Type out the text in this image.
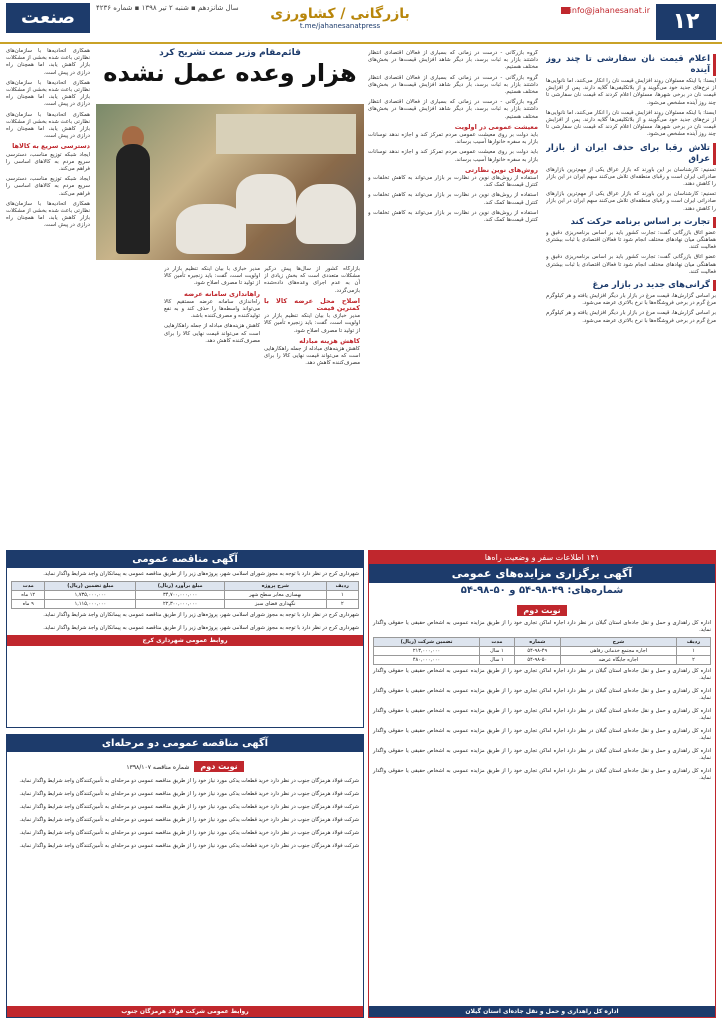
۱۲
info@jahanesanat.ir
بازرگانی / کشاورزی
t.me/jahanesanatpress
سال شانزدهم ▪ شنبه ۲ تیر ۱۳۹۸ ▪ شماره ۴۲۳۶
صنعت
اعلام قیمت نان سفارشی تا چند روز آینده

ایسنا: با اینکه مسئولان روند افزایش قیمت نان را انکار می‌کنند، اما نانوایی‌ها از نرخ‌های جدید خود می‌گویند و از بلاتکلیفی‌ها گلایه دارند. پس از افزایش قیمت نان در برخی شهرها، مسئولان اعلام کردند که قیمت نان سفارشی تا چند روز آینده مشخص می‌شود.

ایسنا: با اینکه مسئولان روند افزایش قیمت نان را انکار می‌کنند، اما نانوایی‌ها از نرخ‌های جدید خود می‌گویند و از بلاتکلیفی‌ها گلایه دارند. پس از افزایش قیمت نان در برخی شهرها، مسئولان اعلام کردند که قیمت نان سفارشی تا چند روز آینده مشخص می‌شود.

تلاش رقبا برای حذف ایران از بازار عراق

تسنیم: کارشناسان بر این باورند که بازار عراق یکی از مهم‌ترین بازارهای صادراتی ایران است و رقبای منطقه‌ای تلاش می‌کنند سهم ایران در این بازار را کاهش دهند.

تسنیم: کارشناسان بر این باورند که بازار عراق یکی از مهم‌ترین بازارهای صادراتی ایران است و رقبای منطقه‌ای تلاش می‌کنند سهم ایران در این بازار را کاهش دهند.

تجارت بر اساس برنامه حرکت کند

عضو اتاق بازرگانی گفت: تجارت کشور باید بر اساس برنامه‌ریزی دقیق و هماهنگی میان نهادهای مختلف انجام شود تا فعالان اقتصادی با ثبات بیشتری فعالیت کنند.

عضو اتاق بازرگانی گفت: تجارت کشور باید بر اساس برنامه‌ریزی دقیق و هماهنگی میان نهادهای مختلف انجام شود تا فعالان اقتصادی با ثبات بیشتری فعالیت کنند.

گرانی‌های جدید در بازار مرغ

بر اساس گزارش‌ها، قیمت مرغ در بازار بار دیگر افزایش یافته و هر کیلوگرم مرغ گرم در برخی فروشگاه‌ها با نرخ بالاتری عرضه می‌شود.

بر اساس گزارش‌ها، قیمت مرغ در بازار بار دیگر افزایش یافته و هر کیلوگرم مرغ گرم در برخی فروشگاه‌ها با نرخ بالاتری عرضه می‌شود.

گروه بازرگانی - درست در زمانی که بسیاری از فعالان اقتصادی انتظار داشتند بازار به ثبات برسد، بار دیگر شاهد افزایش قیمت‌ها در بخش‌های مختلف هستیم.

گروه بازرگانی - درست در زمانی که بسیاری از فعالان اقتصادی انتظار داشتند بازار به ثبات برسد، بار دیگر شاهد افزایش قیمت‌ها در بخش‌های مختلف هستیم.

گروه بازرگانی - درست در زمانی که بسیاری از فعالان اقتصادی انتظار داشتند بازار به ثبات برسد، بار دیگر شاهد افزایش قیمت‌ها در بخش‌های مختلف هستیم.

معیشت عمومی در اولویت

باید دولت بر روی معیشت عمومی مردم تمرکز کند و اجازه ندهد نوسانات بازار به سفره خانوارها آسیب برساند.

باید دولت بر روی معیشت عمومی مردم تمرکز کند و اجازه ندهد نوسانات بازار به سفره خانوارها آسیب برساند.

روش‌های نوین نظارتی

استفاده از روش‌های نوین در نظارت بر بازار می‌تواند به کاهش تخلفات و کنترل قیمت‌ها کمک کند.

استفاده از روش‌های نوین در نظارت بر بازار می‌تواند به کاهش تخلفات و کنترل قیمت‌ها کمک کند.

استفاده از روش‌های نوین در نظارت بر بازار می‌تواند به کاهش تخلفات و کنترل قیمت‌ها کمک کند.

قائم‌مقام وزیر صمت تشریح کرد
هزار وعده عمل نشده

بازارگاه کشور از سال‌ها پیش درگیر مشکلات متعددی است که بخش زیادی از آن به عدم اجرای وعده‌های داده‌شده بازمی‌گردد.

اصلاح محل عرضه کالا با کمترین قیمت

مدیر خبازی با بیان اینکه تنظیم بازار در اولویت است، گفت: باید زنجیره تأمین کالا از تولید تا مصرف اصلاح شود.

کاهش هزینه مبادله

کاهش هزینه‌های مبادله از جمله راهکارهایی است که می‌تواند قیمت نهایی کالا را برای مصرف‌کننده کاهش دهد.

مدیر خبازی با بیان اینکه تنظیم بازار در اولویت است، گفت: باید زنجیره تأمین کالا از تولید تا مصرف اصلاح شود.

راهاندازی سامانه عرضه

راه‌اندازی سامانه عرضه مستقیم کالا می‌تواند واسطه‌ها را حذف کند و به نفع تولیدکننده و مصرف‌کننده باشد.

کاهش هزینه‌های مبادله از جمله راهکارهایی است که می‌تواند قیمت نهایی کالا را برای مصرف‌کننده کاهش دهد.

همکاری اتحادیه‌ها با سازمان‌های نظارتی باعث شده بخشی از مشکلات بازار کاهش یابد، اما همچنان راه درازی در پیش است.

همکاری اتحادیه‌ها با سازمان‌های نظارتی باعث شده بخشی از مشکلات بازار کاهش یابد، اما همچنان راه درازی در پیش است.

همکاری اتحادیه‌ها با سازمان‌های نظارتی باعث شده بخشی از مشکلات بازار کاهش یابد، اما همچنان راه درازی در پیش است.

دسترسی سریع به کالاها

ایجاد شبکه توزیع مناسب، دسترسی سریع مردم به کالاهای اساسی را فراهم می‌کند.

ایجاد شبکه توزیع مناسب، دسترسی سریع مردم به کالاهای اساسی را فراهم می‌کند.

همکاری اتحادیه‌ها با سازمان‌های نظارتی باعث شده بخشی از مشکلات بازار کاهش یابد، اما همچنان راه درازی در پیش است.

آگهی مناقصه عمومی
شهرداری کرج در نظر دارد با توجه به مجوز شورای اسلامی شهر، پروژه‌های زیر را از طریق مناقصه عمومی به پیمانکاران واجد شرایط واگذار نماید.
ردیف	شرح پروژه	مبلغ برآورد (ریال)	مبلغ تضمین (ریال)	مدت
۱	بهسازی معابر سطح شهر	۳۴,۷۰۰,۰۰۰,۰۰۰	۱,۷۳۵,۰۰۰,۰۰۰	۱۲ ماه
۲	نگهداری فضای سبز	۲۲,۳۰۰,۰۰۰,۰۰۰	۱,۱۱۵,۰۰۰,۰۰۰	۹ ماه
شهرداری کرج در نظر دارد با توجه به مجوز شورای اسلامی شهر، پروژه‌های زیر را از طریق مناقصه عمومی به پیمانکاران واجد شرایط واگذار نماید.
شهرداری کرج در نظر دارد با توجه به مجوز شورای اسلامی شهر، پروژه‌های زیر را از طریق مناقصه عمومی به پیمانکاران واجد شرایط واگذار نماید.
روابط عمومی شهرداری کرج
آگهی مناقصه عمومی دو مرحله‌ای
نوبت دوم شماره مناقصه ۱۳۹۸/۱۰۷
شرکت فولاد هرمزگان جنوب در نظر دارد خرید قطعات یدکی مورد نیاز خود را از طریق مناقصه عمومی دو مرحله‌ای به تأمین‌کنندگان واجد شرایط واگذار نماید.
شرکت فولاد هرمزگان جنوب در نظر دارد خرید قطعات یدکی مورد نیاز خود را از طریق مناقصه عمومی دو مرحله‌ای به تأمین‌کنندگان واجد شرایط واگذار نماید.
شرکت فولاد هرمزگان جنوب در نظر دارد خرید قطعات یدکی مورد نیاز خود را از طریق مناقصه عمومی دو مرحله‌ای به تأمین‌کنندگان واجد شرایط واگذار نماید.
شرکت فولاد هرمزگان جنوب در نظر دارد خرید قطعات یدکی مورد نیاز خود را از طریق مناقصه عمومی دو مرحله‌ای به تأمین‌کنندگان واجد شرایط واگذار نماید.
شرکت فولاد هرمزگان جنوب در نظر دارد خرید قطعات یدکی مورد نیاز خود را از طریق مناقصه عمومی دو مرحله‌ای به تأمین‌کنندگان واجد شرایط واگذار نماید.
شرکت فولاد هرمزگان جنوب در نظر دارد خرید قطعات یدکی مورد نیاز خود را از طریق مناقصه عمومی دو مرحله‌ای به تأمین‌کنندگان واجد شرایط واگذار نماید.
روابط عمومی شرکت فولاد هرمزگان جنوب
۱۴۱ اطلاعات سفر و وضعیت راه‌ها
آگهی برگزاری مزایده‌های عمومی
شماره‌های: ۴۹-۹۸-۵۴ و ۵۰-۹۸-۵۴
نوبت دوم
اداره کل راهداری و حمل و نقل جاده‌ای استان گیلان در نظر دارد اجاره اماکن تجاری خود را از طریق مزایده عمومی به اشخاص حقیقی یا حقوقی واگذار نماید.
ردیف	شرح	شماره	مدت	تضمین شرکت (ریال)
۱	اجاره مجتمع خدماتی رفاهی	۵۴-۹۸-۴۹	۱ سال	۲۱۳,۰۰۰,۰۰۰
۲	اجاره جایگاه عرضه	۵۴-۹۸-۵۰	۱ سال	۴۸۰,۰۰۰,۰۰۰
اداره کل راهداری و حمل و نقل جاده‌ای استان گیلان در نظر دارد اجاره اماکن تجاری خود را از طریق مزایده عمومی به اشخاص حقیقی یا حقوقی واگذار نماید.
اداره کل راهداری و حمل و نقل جاده‌ای استان گیلان در نظر دارد اجاره اماکن تجاری خود را از طریق مزایده عمومی به اشخاص حقیقی یا حقوقی واگذار نماید.
اداره کل راهداری و حمل و نقل جاده‌ای استان گیلان در نظر دارد اجاره اماکن تجاری خود را از طریق مزایده عمومی به اشخاص حقیقی یا حقوقی واگذار نماید.
اداره کل راهداری و حمل و نقل جاده‌ای استان گیلان در نظر دارد اجاره اماکن تجاری خود را از طریق مزایده عمومی به اشخاص حقیقی یا حقوقی واگذار نماید.
اداره کل راهداری و حمل و نقل جاده‌ای استان گیلان در نظر دارد اجاره اماکن تجاری خود را از طریق مزایده عمومی به اشخاص حقیقی یا حقوقی واگذار نماید.
اداره کل راهداری و حمل و نقل جاده‌ای استان گیلان در نظر دارد اجاره اماکن تجاری خود را از طریق مزایده عمومی به اشخاص حقیقی یا حقوقی واگذار نماید.
اداره کل راهداری و حمل و نقل جاده‌ای استان گیلان
